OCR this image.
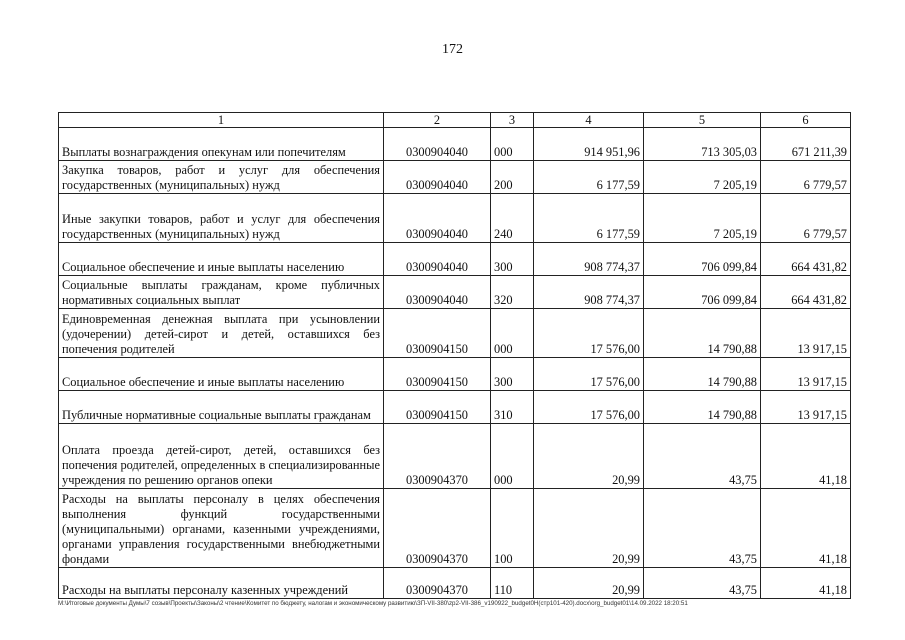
172
1	2	3	4	5	6
Выплаты вознаграждения опекунам или попечителям	0300904040	000	914 951,96	713 305,03	671 211,39
Закупка товаров, работ и услуг для обеспечения государственных (муниципальных) нужд	0300904040	200	6 177,59	7 205,19	6 779,57
Иные закупки товаров, работ и услуг для обеспечения государственных (муниципальных) нужд	0300904040	240	6 177,59	7 205,19	6 779,57
Социальное обеспечение и иные выплаты населению	0300904040	300	908 774,37	706 099,84	664 431,82
Социальные выплаты гражданам, кроме публичных нормативных социальных выплат	0300904040	320	908 774,37	706 099,84	664 431,82
Единовременная денежная выплата при усыновлении (удочерении) детей-сирот и детей, оставшихся без попечения родителей	0300904150	000	17 576,00	14 790,88	13 917,15
Социальное обеспечение и иные выплаты населению	0300904150	300	17 576,00	14 790,88	13 917,15
Публичные нормативные социальные выплаты гражданам	0300904150	310	17 576,00	14 790,88	13 917,15
Оплата проезда детей-сирот, детей, оставшихся без попечения родителей, определенных в специализированные учреждения по решению органов опеки	0300904370	000	20,99	43,75	41,18
Расходы на выплаты персоналу в целях обеспечения выполнения функций государственными (муниципальными) органами, казенными учреждениями, органами управления государственными внебюджетными фондами	0300904370	100	20,99	43,75	41,18
Расходы на выплаты персоналу казенных учреждений	0300904370	110	20,99	43,75	41,18
M:\Итоговые документы Думы\7 созыв\Проекты\Законы\2 чтение\Комитет по бюджету, налогам и экономическому развитию\ЗП-VII-380\zp2-VII-386_v190922_budget0H(стр101-420).docx\org_budget01\14.09.2022 18:20:51
